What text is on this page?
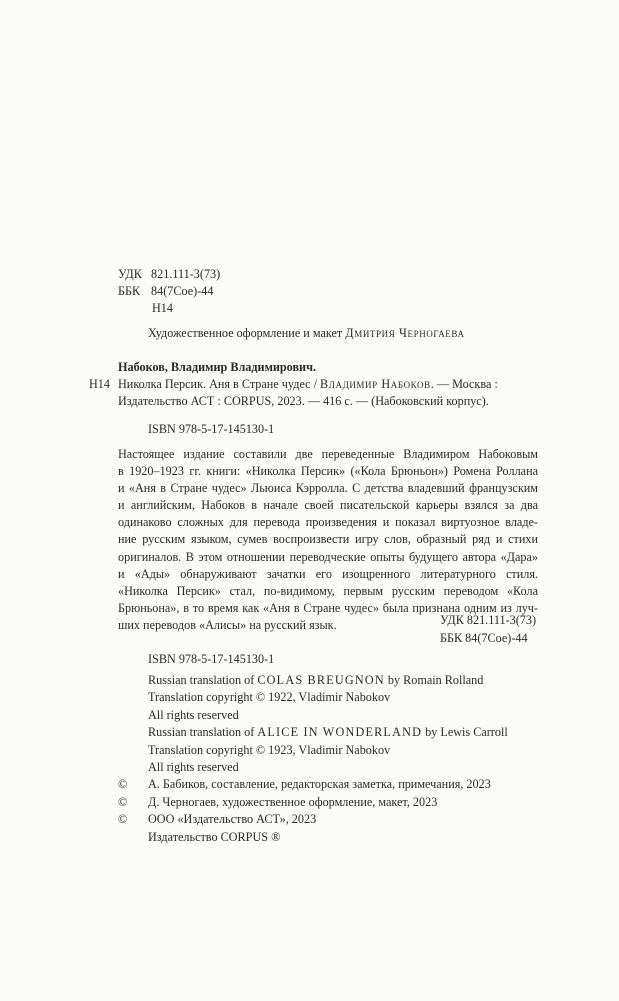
УДК 821.111-3(73)
ББК 84(7Сое)-44
Н14
Художественное оформление и макет Дмитрия Черногаева
Набоков, Владимир Владимирович.
Н14 Николка Персик. Аня в Стране чудес / Владимир Набоков. — Москва :
Издательство АСТ : CORPUS, 2023. — 416 с. — (Набоковский корпус).
ISBN 978-5-17-145130-1
Настоящее издание составили две переведенные Владимиром Набоковым
в 1920–1923 гг. книги: «Николка Персик» («Кола Брюньон») Ромена Роллана
и «Аня в Стране чудес» Льюиса Кэрролла. С детства владевший французским
и английским, Набоков в начале своей писательской карьеры взялся за два
одинаково сложных для перевода произведения и показал виртуозное владе-
ние русским языком, сумев воспроизвести игру слов, образный ряд и стихи
оригиналов. В этом отношении переводческие опыты будущего автора «Дара»
и «Ады» обнаруживают зачатки его изощренного литературного стиля.
«Николка Персик» стал, по-видимому, первым русским переводом «Кола
Брюньона», в то время как «Аня в Стране чудес» была признана одним из луч-
ших переводов «Алисы» на русский язык.	УДК 821.111-3(73)
ББК 84(7Сое)-44
ISBN 978-5-17-145130-1
Russian translation of COLAS BREUGNON by Romain Rolland
Translation copyright © 1922, Vladimir Nabokov
All rights reserved
Russian translation of ALICE IN WONDERLAND by Lewis Carroll
Translation copyright © 1923, Vladimir Nabokov
All rights reserved
© А. Бабиков, составление, редакторская заметка, примечания, 2023
© Д. Черногаев, художественное оформление, макет, 2023
© ООО «Издательство АСТ», 2023
Издательство CORPUS ®
